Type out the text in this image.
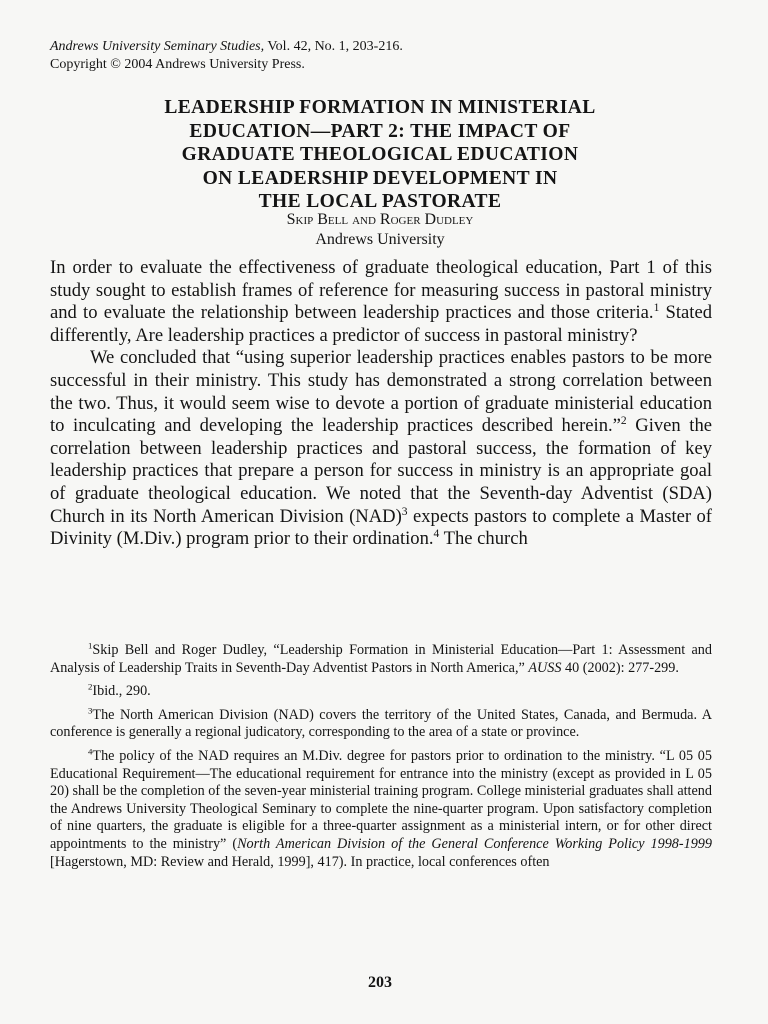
Andrews University Seminary Studies, Vol. 42, No. 1, 203-216.
Copyright © 2004 Andrews University Press.
LEADERSHIP FORMATION IN MINISTERIAL
EDUCATION—PART 2: THE IMPACT OF
GRADUATE THEOLOGICAL EDUCATION
ON LEADERSHIP DEVELOPMENT IN
THE LOCAL PASTORATE
Skip Bell and Roger Dudley
Andrews University

In order to evaluate the effectiveness of graduate theological education, Part 1 of this study sought to establish frames of reference for measuring success in pastoral ministry and to evaluate the relationship between leadership practices and those criteria.$^1$ Stated differently, Are leadership practices a predictor of success in pastoral ministry?

We concluded that “using superior leadership practices enables pastors to be more successful in their ministry. This study has demonstrated a strong correlation between the two. Thus, it would seem wise to devote a portion of graduate ministerial education to inculcating and developing the leadership practices described herein.”$^2$ Given the correlation between leadership practices and pastoral success, the formation of key leadership practices that prepare a person for success in ministry is an appropriate goal of graduate theological education. We noted that the Seventh-day Adventist (SDA) Church in its North American Division (NAD)$^3$ expects pastors to complete a Master of Divinity (M.Div.) program prior to their ordination.$^4$ The church

$^1$Skip Bell and Roger Dudley, “Leadership Formation in Ministerial Education—Part 1: Assessment and Analysis of Leadership Traits in Seventh-Day Adventist Pastors in North America,” AUSS 40 (2002): 277-299.

$^2$Ibid., 290.

$^3$The North American Division (NAD) covers the territory of the United States, Canada, and Bermuda. A conference is generally a regional judicatory, corresponding to the area of a state or province.

$^4$The policy of the NAD requires an M.Div. degree for pastors prior to ordination to the ministry. “L 05 05 Educational Requirement—The educational requirement for entrance into the ministry (except as provided in L 05 20) shall be the completion of the seven-year ministerial training program. College ministerial graduates shall attend the Andrews University Theological Seminary to complete the nine-quarter program. Upon satisfactory completion of nine quarters, the graduate is eligible for a three-quarter assignment as a ministerial intern, or for other direct appointments to the ministry” (North American Division of the General Conference Working Policy 1998-1999 [Hagerstown, MD: Review and Herald, 1999], 417). In practice, local conferences often

203
